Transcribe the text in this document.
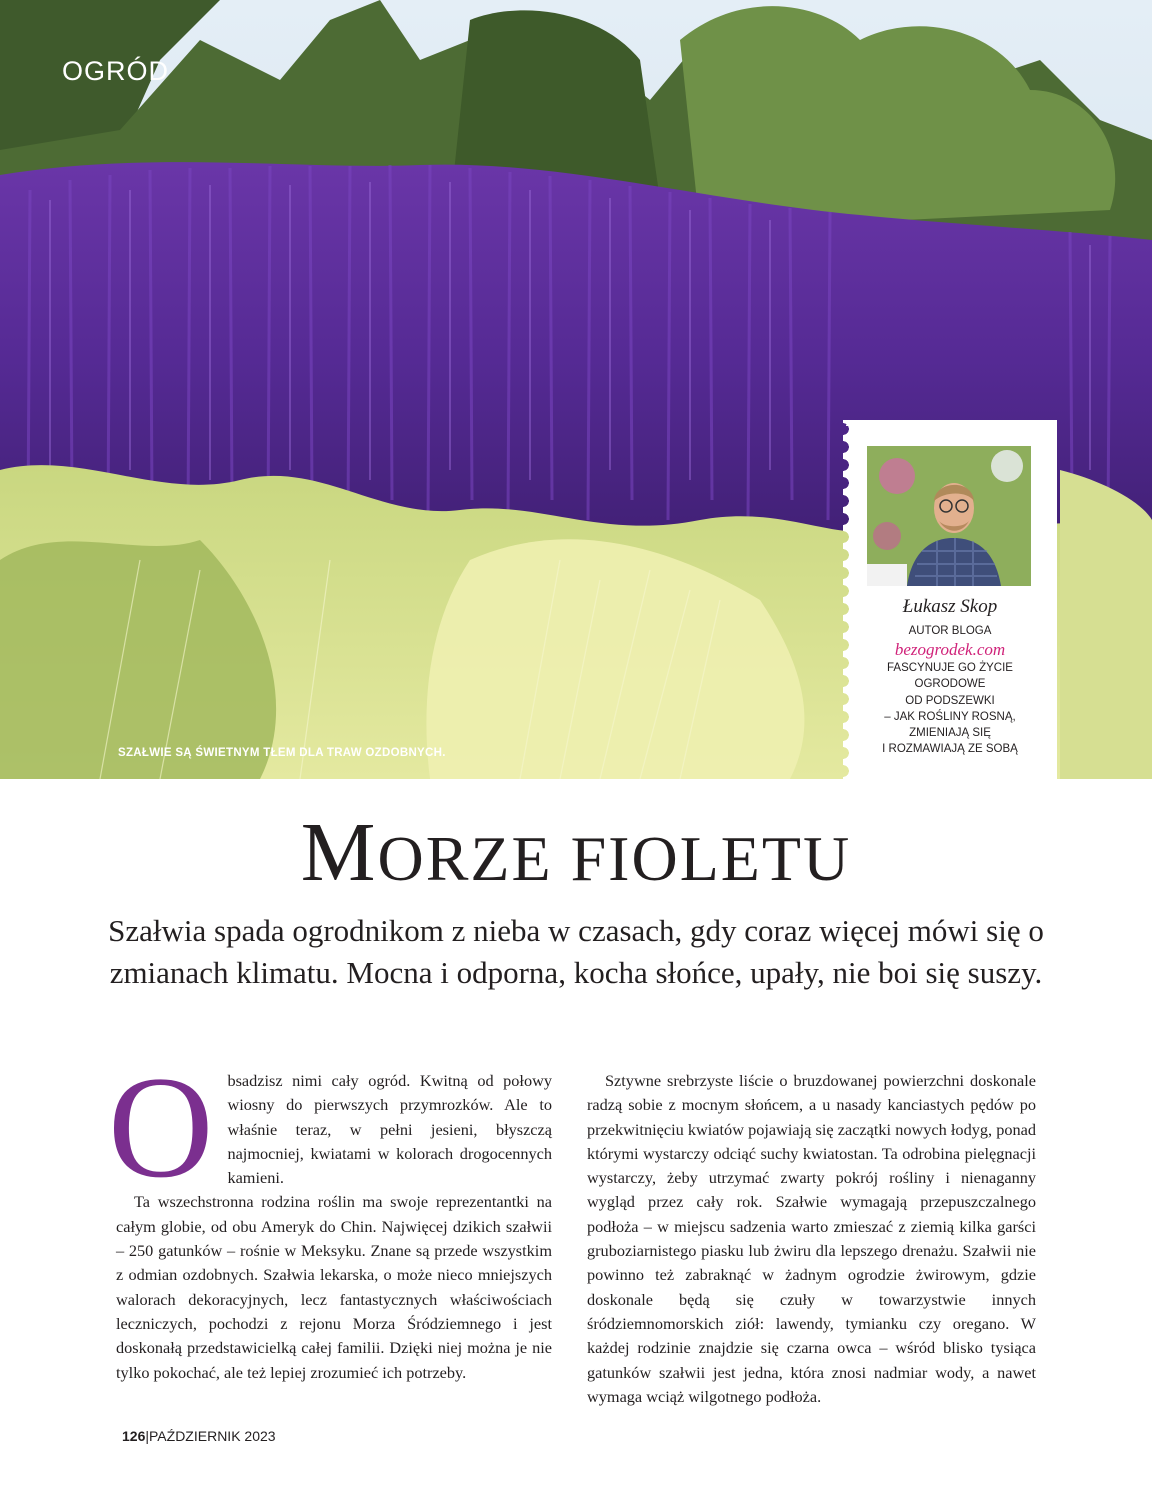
OGRÓD
SZAŁWIE SĄ ŚWIETNYM TŁEM DLA TRAW OZDOBNYCH.
Łukasz Skop
AUTOR BLOGA
bezogrodek.com
FASCYNUJE GO ŻYCIE
OGRODOWE
OD PODSZEWKI
– JAK ROŚLINY ROSNĄ,
ZMIENIAJĄ SIĘ
I ROZMAWIAJĄ ZE SOBĄ
MORZE FIOLETU
Szałwia spada ogrodnikom z nieba w czasach, gdy coraz więcej mówi się o zmianach klimatu. Mocna i odporna, kocha słońce, upały, nie boi się suszy.

Obsadzisz nimi cały ogród. Kwitną od połowy wiosny do pierwszych przymrozków. Ale to właśnie teraz, w pełni jesieni, błyszczą najmocniej, kwiatami w kolorach drogocennych kamieni.

Ta wszechstronna rodzina roślin ma swoje reprezentantki na całym globie, od obu Ameryk do Chin. Najwięcej dzikich szałwii – 250 gatunków – rośnie w Meksyku. Znane są przede wszystkim z odmian ozdobnych. Szałwia lekarska, o może nieco mniejszych walorach dekoracyjnych, lecz fantastycznych właściwościach leczniczych, pochodzi z rejonu Morza Śródziemnego i jest doskonałą przedstawicielką całej familii. Dzięki niej można je nie tylko pokochać, ale też lepiej zrozumieć ich potrzeby.

Sztywne srebrzyste liście o bruzdowanej powierzchni doskonale radzą sobie z mocnym słońcem, a u nasady kanciastych pędów po przekwitnięciu kwiatów pojawiają się zaczątki nowych łodyg, ponad którymi wystarczy odciąć suchy kwiatostan. Ta odrobina pielęgnacji wystarczy, żeby utrzymać zwarty pokrój rośliny i nienaganny wygląd przez cały rok. Szałwie wymagają przepuszczalnego podłoża – w miejscu sadzenia warto zmieszać z ziemią kilka garści gruboziarnistego piasku lub żwiru dla lepszego drenażu. Szałwii nie powinno też zabraknąć w żadnym ogrodzie żwirowym, gdzie doskonale będą się czuły w towarzystwie innych śródziemnomorskich ziół: lawendy, tymianku czy oregano. W każdej rodzinie znajdzie się czarna owca – wśród blisko tysiąca gatunków szałwii jest jedna, która znosi nadmiar wody, a nawet wymaga wciąż wilgotnego podłoża.

126|PAŹDZIERNIK 2023
